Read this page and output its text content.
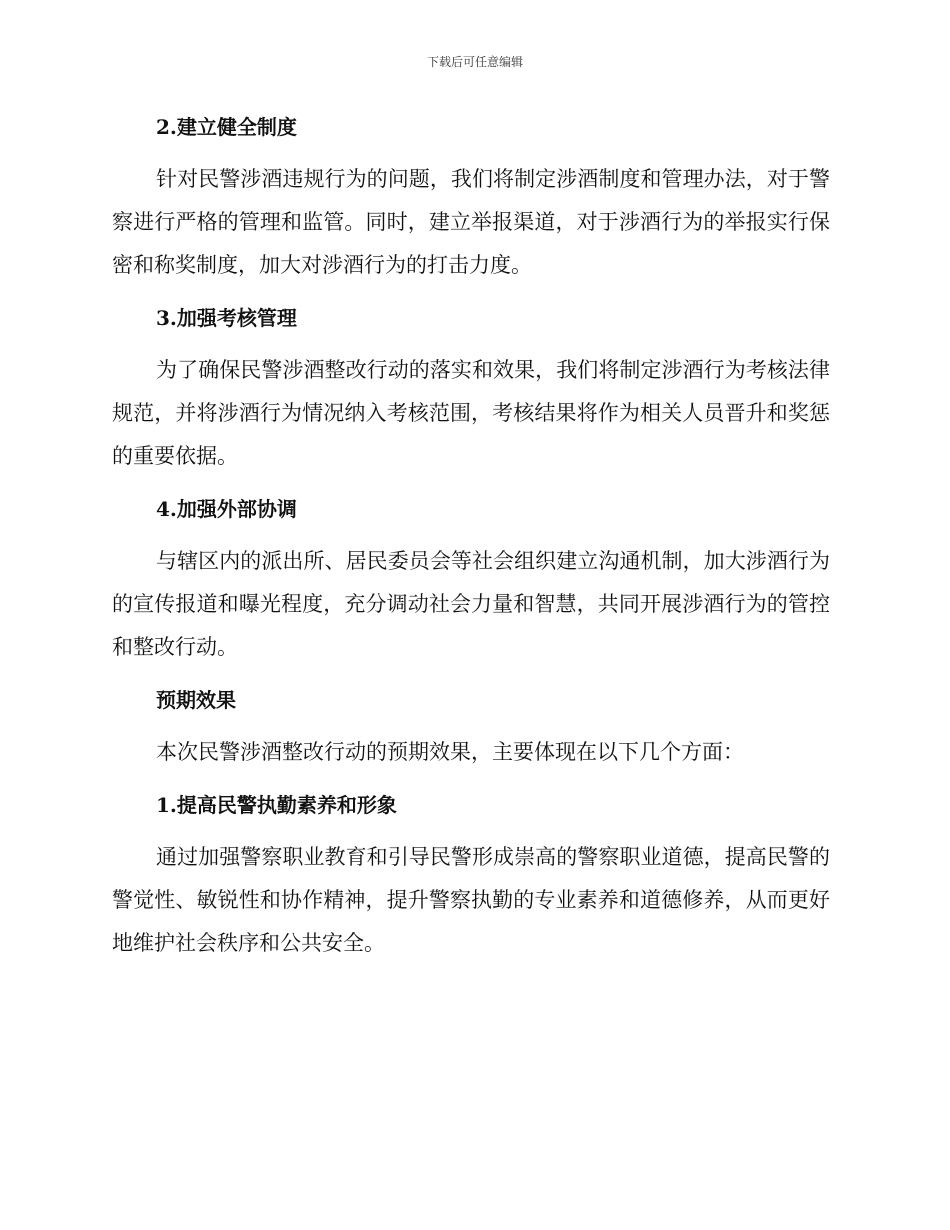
下载后可任意编辑
2.建立健全制度

针对民警涉酒违规行为的问题，我们将制定涉酒制度和管理办法，对于警察进行严格的管理和监管。同时，建立举报渠道，对于涉酒行为的举报实行保密和称奖制度，加大对涉酒行为的打击力度。

3.加强考核管理

为了确保民警涉酒整改行动的落实和效果，我们将制定涉酒行为考核法律规范，并将涉酒行为情况纳入考核范围，考核结果将作为相关人员晋升和奖惩的重要依据。

4.加强外部协调

与辖区内的派出所、居民委员会等社会组织建立沟通机制，加大涉酒行为的宣传报道和曝光程度，充分调动社会力量和智慧，共同开展涉酒行为的管控和整改行动。

预期效果

本次民警涉酒整改行动的预期效果，主要体现在以下几个方面：

1.提高民警执勤素养和形象

通过加强警察职业教育和引导民警形成崇高的警察职业道德，提高民警的警觉性、敏锐性和协作精神，提升警察执勤的专业素养和道德修养，从而更好地维护社会秩序和公共安全。
